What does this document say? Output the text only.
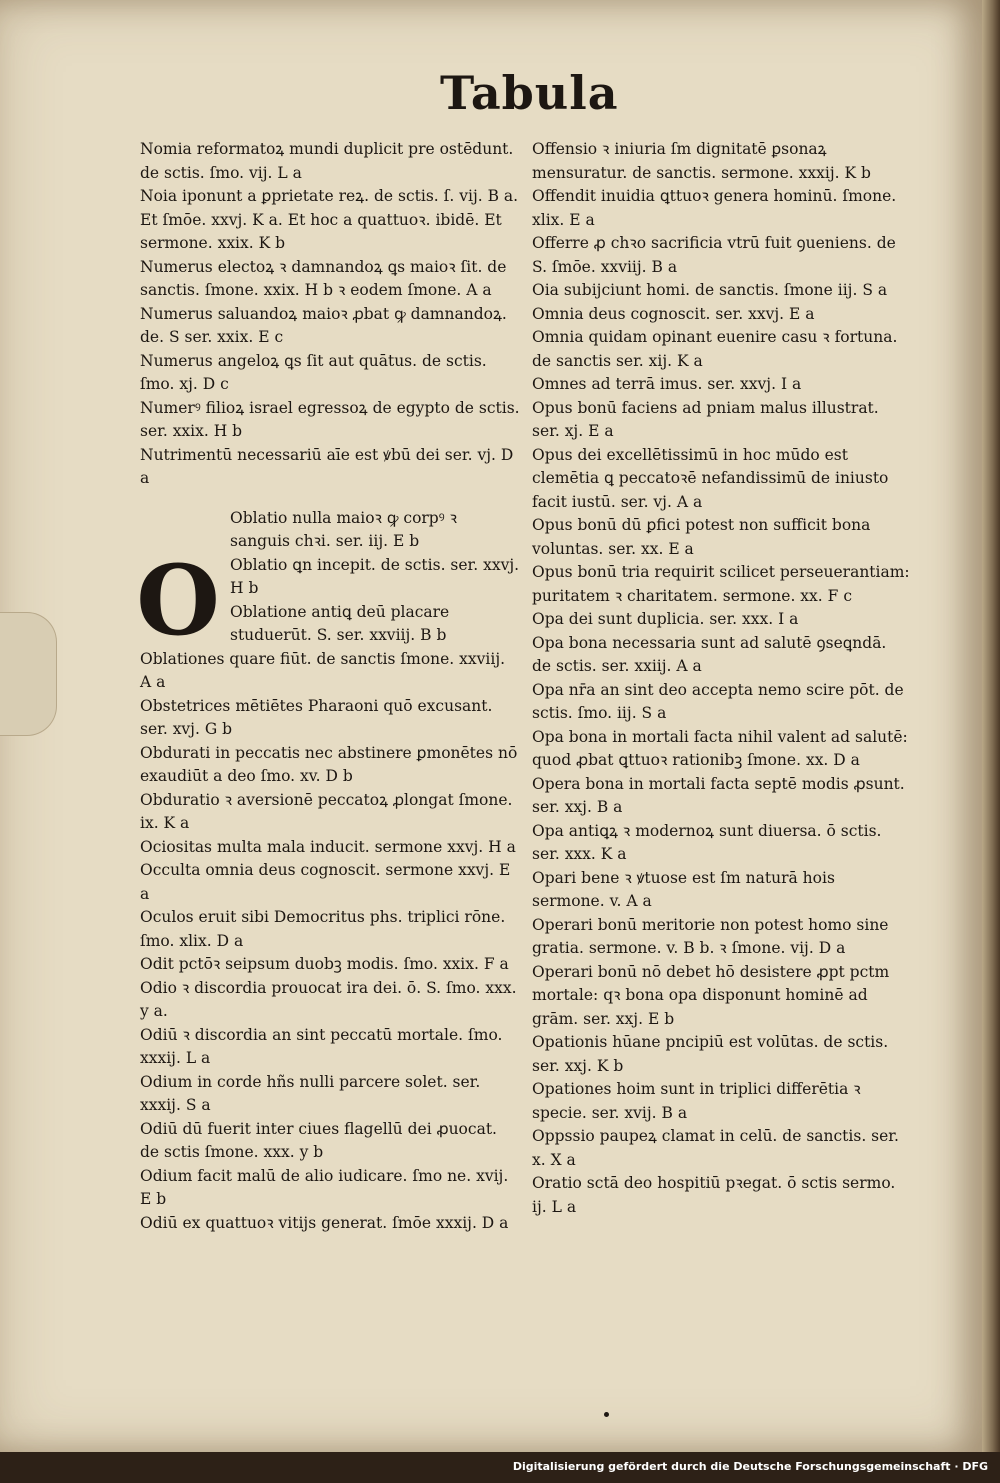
Tabula

Nomia reformatoꝝ mundi duplicit pre ostēdunt. de sctis. ſmo. vij. L a

Noia iponunt a ꝑprietate reꝝ. de sctis. ſ. vij. B a. Et ſmōe. xxvj. K a. Et hoc a quattuoꝛ. ibidē. Et sermone. xxix. K b

Numerus electoꝝ ꝛ damnandoꝝ ꝗs maioꝛ ſit. de sanctis. ſmone. xxix. H b ꝛ eodem ſmone. A a

Numerus saluandoꝝ maioꝛ ꝓbat ꝙ damnandoꝝ. de. S ser. xxix. E c

Numerus angeloꝝ ꝗs ſit aut quātus. de sctis. ſmo. xj. D c

Numerꝰ filioꝝ israel egressoꝝ de egypto de sctis. ser. xxix. H b

Nutrimentū necessariū aīe est ꝟbū dei ser. vj. D a

O

Oblatio nulla maioꝛ ꝙ corpꝰ ꝛ sanguis chꝛi. ser. iij. E b

Oblatio ꝗn incepit. de sctis. ser. xxvj. H b

Oblatione antiꝗ deū placare studuerūt. S. ser. xxviij. B b

Oblationes quare fiūt. de sanctis ſmone. xxviij. A a

Obstetrices mētiētes Pharaoni quō excusant. ser. xvj. G b

Obdurati in peccatis nec abstinere ꝑmonētes nō exaudiūt a deo ſmo. xv. D b

Obduratio ꝛ aversionē peccatoꝝ ꝓlongat ſmone. ix. K a

Ociositas multa mala inducit. sermone xxvj. H a

Occulta omnia deus cognoscit. sermone xxvj. E a

Oculos eruit sibi Democritus phs. triplici rōne. ſmo. xlix. D a

Odit pctōꝛ seipsum duobꝫ modis. ſmo. xxix. F a

Odio ꝛ discordia prouocat ira dei. ō. S. ſmo. xxx. y a.

Odiū ꝛ discordia an sint peccatū mortale. ſmo. xxxij. L a

Odium in corde hñs nulli parcere solet. ser. xxxij. S a

Odiū dū fuerit inter ciues flagellū dei ꝓuocat. de sctis ſmone. xxx. y b

Odium facit malū de alio iudicare. ſmo ne. xvij. E b

Odiū ex quattuoꝛ vitijs generat. ſmōe xxxij. D a

Offensio ꝛ iniuria ſm dignitatē ꝑsonaꝝ mensuratur. de sanctis. sermone. xxxij. K b

Offendit inuidia ꝗttuoꝛ genera hominū. ſmone. xlix. E a

Offerre ꝓ chꝛo sacrificia vtrū fuit ꝯueniens. de S. ſmōe. xxviij. B a

Oia subijciunt homi. de sanctis. ſmone iij. S a

Omnia deus cognoscit. ser. xxvj. E a

Omnia quidam opinant euenire casu ꝛ fortuna. de sanctis ser. xij. K a

Omnes ad terrā imus. ser. xxvj. I a

Opus bonū faciens ad pniam malus illustrat. ser. xj. E a

Opus dei excellētissimū in hoc mūdo est clemētia ꝗ peccatoꝛē nefandissimū de iniusto facit iustū. ser. vj. A a

Opus bonū dū ꝑfici potest non sufficit bona voluntas. ser. xx. E a

Opus bonū tria requirit scilicet perseuerantiam: puritatem ꝛ charitatem. sermone. xx. F c

Opa dei sunt duplicia. ser. xxx. I a

Opa bona necessaria sunt ad salutē ꝯseꝗndā. de sctis. ser. xxiij. A a

Opa nr̄a an sint deo accepta nemo scire pōt. de sctis. ſmo. iij. S a

Opa bona in mortali facta nihil valent ad salutē: quod ꝓbat ꝗttuoꝛ rationibꝫ ſmone. xx. D a

Opera bona in mortali facta septē modis ꝓsunt. ser. xxj. B a

Opa antiꝗꝝ ꝛ modernoꝝ sunt diuersa. ō sctis. ser. xxx. K a

Opari bene ꝛ ꝟtuose est ſm naturā hois sermone. v. A a

Operari bonū meritorie non potest homo sine gratia. sermone. v. B b. ꝛ ſmone. vij. D a

Operari bonū nō debet hō desistere ꝓpt pctm mortale: qꝛ bona opa disponunt hominē ad grām. ser. xxj. E b

Opationis hūane pncipiū est volūtas. de sctis. ser. xxj. K b

Opationes hoim sunt in triplici differētia ꝛ specie. ser. xvij. B a

Oppssio paupeꝝ clamat in celū. de sanctis. ser. x. X a

Oratio sctā deo hospitiū pꝛegat. ō sctis sermo. ij. L a

Digitalisierung gefördert durch die Deutsche Forschungsgemeinschaft · DFG
